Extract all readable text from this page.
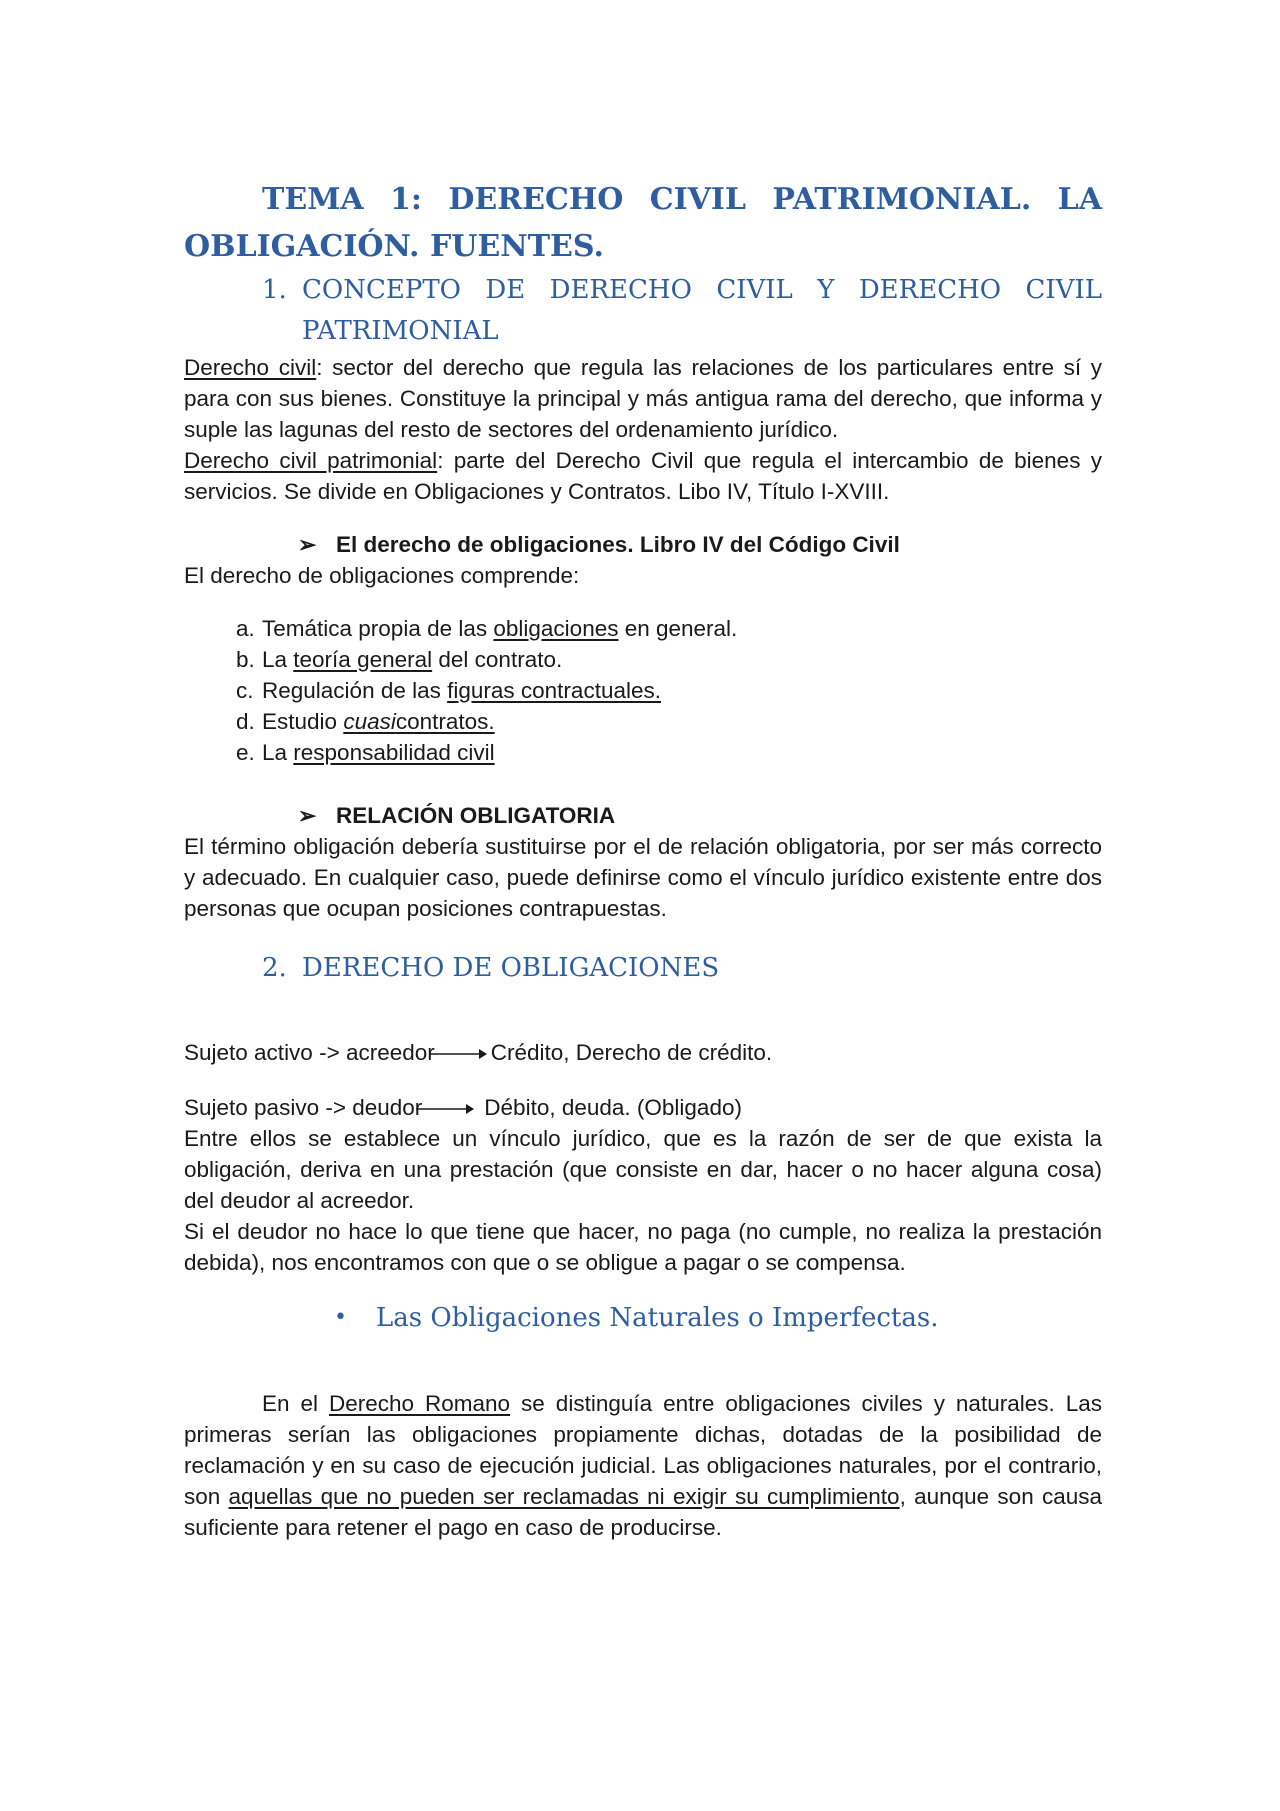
TEMA 1: DERECHO CIVIL PATRIMONIAL. LA OBLIGACIÓN. FUENTES.
1. CONCEPTO DE DERECHO CIVIL Y DERECHO CIVIL PATRIMONIAL

Derecho civil: sector del derecho que regula las relaciones de los particulares entre sí y para con sus bienes. Constituye la principal y más antigua rama del derecho, que informa y suple las lagunas del resto de sectores del ordenamiento jurídico.

Derecho civil patrimonial: parte del Derecho Civil que regula el intercambio de bienes y servicios. Se divide en Obligaciones y Contratos. Libo IV, Título I-XVIII.

➢ El derecho de obligaciones. Libro IV del Código Civil

El derecho de obligaciones comprende:

a. Temática propia de las obligaciones en general.
b. La teoría general del contrato.
c. Regulación de las figuras contractuales.
d. Estudio cuasicontratos.
e. La responsabilidad civil
➢ RELACIÓN OBLIGATORIA

El término obligación debería sustituirse por el de relación obligatoria, por ser más correcto y adecuado. En cualquier caso, puede definirse como el vínculo jurídico existente entre dos personas que ocupan posiciones contrapuestas.

2. DERECHO DE OBLIGACIONES
Sujeto activo -> acreedor Crédito, Derecho de crédito.
Sujeto pasivo -> deudor	Débito, deuda. (Obligado)

Entre ellos se establece un vínculo jurídico, que es la razón de ser de que exista la obligación, deriva en una prestación (que consiste en dar, hacer o no hacer alguna cosa) del deudor al acreedor.

Si el deudor no hace lo que tiene que hacer, no paga (no cumple, no realiza la prestación debida), nos encontramos con que o se obligue a pagar o se compensa.

•	Las Obligaciones Naturales o Imperfectas.

En el Derecho Romano se distinguía entre obligaciones civiles y naturales. Las primeras serían las obligaciones propiamente dichas, dotadas de la posibilidad de reclamación y en su caso de ejecución judicial. Las obligaciones naturales, por el contrario, son aquellas que no pueden ser reclamadas ni exigir su cumplimiento, aunque son causa suficiente para retener el pago en caso de producirse.
